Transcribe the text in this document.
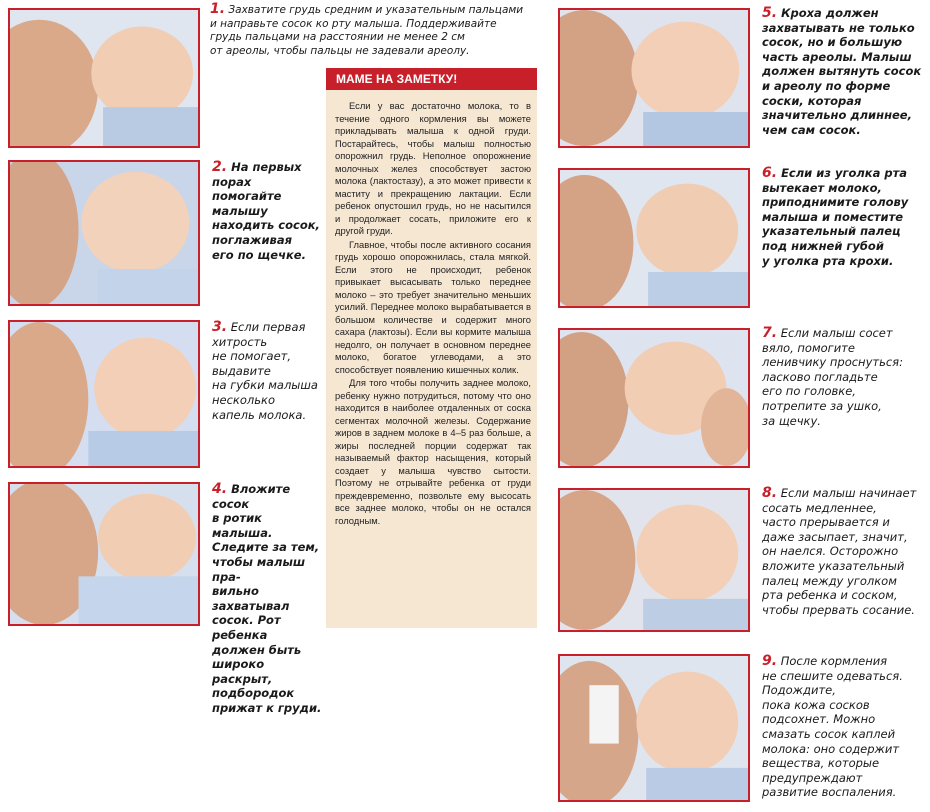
1. Захватите грудь средним и указательным пальцами
и направьте сосок ко рту малыша. Поддерживайте
грудь пальцами на расстоянии не менее 2 см
от ареолы, чтобы пальцы не задевали ареолу.
2. На первых
порах помогайте
малышу
находить сосок,
поглаживая
его по щечке.
3. Если первая
хитрость
не помогает,
выдавите
на губки малыша
несколько
капель молока.
4. Вложите сосок
в ротик малыша.
Следите за тем,
чтобы малыш пра-
вильно захватывал
сосок. Рот ребенка
должен быть
широко раскрыт,
подбородок
прижат к груди.
5. Кроха должен
захватывать не только
сосок, но и большую
часть ареолы. Малыш
должен вытянуть сосок
и ареолу по форме
соски, которая
значительно длиннее,
чем сам сосок.
6. Если из уголка рта
вытекает молоко,
приподнимите голову
малыша и поместите
указательный палец
под нижней губой
у уголка рта крохи.
7. Если малыш сосет
вяло, помогите
ленивчику проснуться:
ласково погладьте
его по головке,
потрепите за ушко,
за щечку.
8. Если малыш начинает
сосать медленнее,
часто прерывается и
даже засыпает, значит,
он наелся. Осторожно
вложите указательный
палец между уголком
рта ребенка и соском,
чтобы прервать сосание.
9. После кормления
не спешите одеваться.
Подождите,
пока кожа сосков
подсохнет. Можно
смазать сосок каплей
молока: оно содержит
вещества, которые
предупреждают
развитие воспаления.
МАМЕ НА ЗАМЕТКУ!

Если у вас достаточно молока, то в течение одного кормления вы можете прикладывать малыша к одной груди. Постарайтесь, чтобы малыш полностью опорожнил грудь. Неполное опорожнение молочных желез способствует застою молока (лактостазу), а это может привести к маститу и прекращению лактации. Если ребенок опустошил грудь, но не насытился и продолжает сосать, приложите его к другой груди.

Главное, чтобы после активного сосания грудь хорошо опорожнилась, стала мягкой. Если этого не происходит, ребенок привыкает высасывать только переднее молоко – это требует значительно меньших усилий. Переднее молоко вырабатывается в большом количестве и содержит много сахара (лактозы). Если вы кормите малыша недолго, он получает в основном переднее молоко, богатое углеводами, а это способствует появлению кишечных колик.

Для того чтобы получить заднее молоко, ребенку нужно потрудиться, потому что оно находится в наиболее отдаленных от соска сегментах молочной железы. Содержание жиров в заднем молоке в 4–5 раз больше, а жиры последней порции содержат так называемый фактор насыщения, который создает у малыша чувство сытости. Поэтому не отрывайте ребенка от груди преждевременно, позвольте ему высосать все заднее молоко, чтобы он не остался голодным.
